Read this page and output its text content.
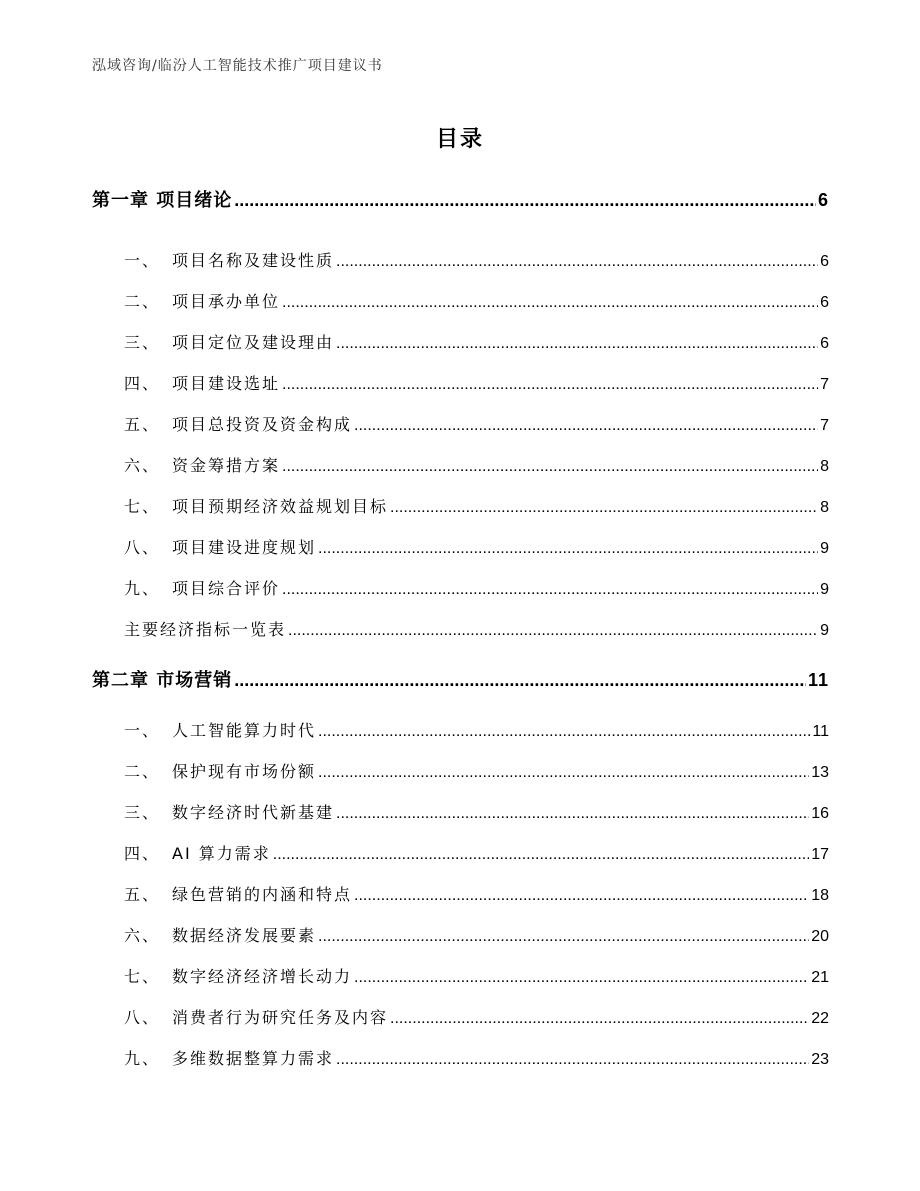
泓域咨询/临汾人工智能技术推广项目建议书
目录
第一章 项目绪论 .....	6
一、 项目名称及建设性质 .....	6
二、 项目承办单位 .....	6
三、 项目定位及建设理由 .....	6
四、 项目建设选址 .....	7
五、 项目总投资及资金构成 .....	7
六、 资金筹措方案 .....	8
七、 项目预期经济效益规划目标 .....	8
八、 项目建设进度规划 .....	9
九、 项目综合评价 .....	9
主要经济指标一览表 .....	9
第二章 市场营销 .....	11
一、 人工智能算力时代 .....	11
二、 保护现有市场份额 .....	13
三、 数字经济时代新基建 .....	16
四、 AI 算力需求 .....	17
五、 绿色营销的内涵和特点 .....	18
六、 数据经济发展要素 .....	20
七、 数字经济经济增长动力 .....	21
八、 消费者行为研究任务及内容 .....	22
九、 多维数据整算力需求 .....	23
